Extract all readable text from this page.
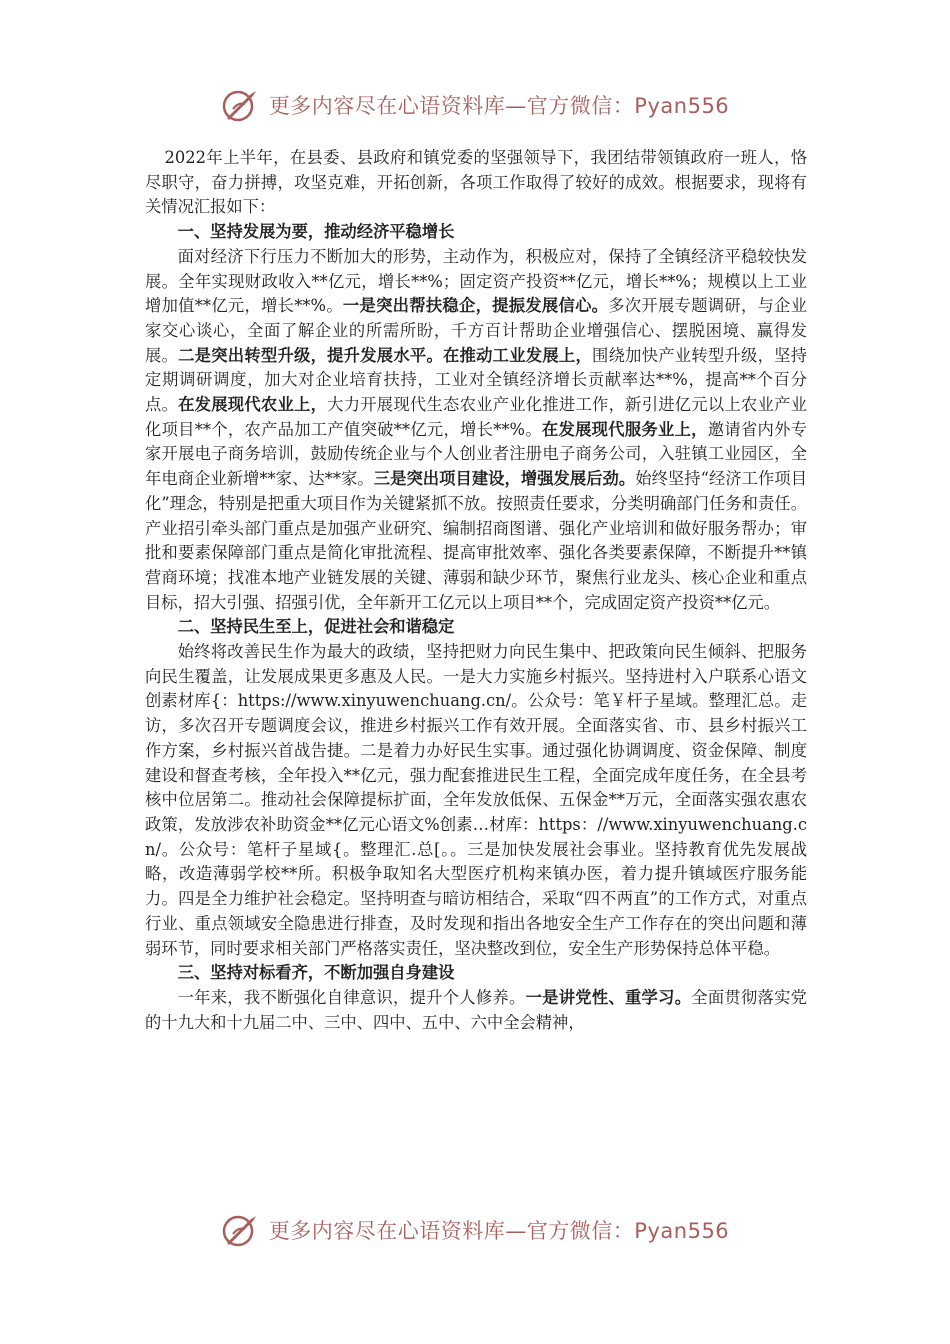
更多内容尽在心语资料库—官方微信：Pyan556

2022年上半年，在县委、县政府和镇党委的坚强领导下，我团结带领镇政府一班人，恪尽职守，奋力拼搏，攻坚克难，开拓创新，各项工作取得了较好的成效。根据要求，现将有关情况汇报如下：

一、坚持发展为要，推动经济平稳增长

面对经济下行压力不断加大的形势，主动作为，积极应对，保持了全镇经济平稳较快发展。全年实现财政收入**亿元，增长**%；固定资产投资**亿元，增长**%；规模以上工业增加值**亿元，增长**%。一是突出帮扶稳企，提振发展信心。多次开展专题调研，与企业家交心谈心，全面了解企业的所需所盼，千方百计帮助企业增强信心、摆脱困境、赢得发展。二是突出转型升级，提升发展水平。在推动工业发展上，围绕加快产业转型升级，坚持定期调研调度，加大对企业培育扶持，工业对全镇经济增长贡献率达**%，提高**个百分点。在发展现代农业上，大力开展现代生态农业产业化推进工作，新引进亿元以上农业产业化项目**个，农产品加工产值突破**亿元，增长**%。在发展现代服务业上，邀请省内外专家开展电子商务培训，鼓励传统企业与个人创业者注册电子商务公司，入驻镇工业园区，全年电商企业新增**家、达**家。三是突出项目建设，增强发展后劲。始终坚持“经济工作项目化”理念，特别是把重大项目作为关键紧抓不放。按照责任要求，分类明确部门任务和责任。产业招引牵头部门重点是加强产业研究、编制招商图谱、强化产业培训和做好服务帮办；审批和要素保障部门重点是简化审批流程、提高审批效率、强化各类要素保障，不断提升**镇营商环境；找准本地产业链发展的关键、薄弱和缺少环节，聚焦行业龙头、核心企业和重点目标，招大引强、招强引优，全年新开工亿元以上项目**个，完成固定资产投资**亿元。

二、坚持民生至上，促进社会和谐稳定

始终将改善民生作为最大的政绩，坚持把财力向民生集中、把政策向民生倾斜、把服务向民生覆盖，让发展成果更多惠及人民。一是大力实施乡村振兴。坚持进村入户联系心语文创素材库{：https://www.xinyuwenchuang.cn/。公众号：笔￥杆子星域。整理汇总。走访，多次召开专题调度会议，推进乡村振兴工作有效开展。全面落实省、市、县乡村振兴工作方案，乡村振兴首战告捷。二是着力办好民生实事。通过强化协调调度、资金保障、制度建设和督查考核，全年投入**亿元，强力配套推进民生工程，全面完成年度任务，在全县考核中位居第二。推动社会保障提标扩面，全年发放低保、五保金**万元，全面落实强农惠农政策，发放涉农补助资金**亿元心语文%创素…材库：https：//www.xinyuwenchuang.cn/。公众号：笔杆子星域{。整理汇.总[。。三是加快发展社会事业。坚持教育优先发展战略，改造薄弱学校**所。积极争取知名大型医疗机构来镇办医，着力提升镇域医疗服务能力。四是全力维护社会稳定。坚持明查与暗访相结合，采取“四不两直”的工作方式，对重点行业、重点领域安全隐患进行排查，及时发现和指出各地安全生产工作存在的突出问题和薄弱环节，同时要求相关部门严格落实责任，坚决整改到位，安全生产形势保持总体平稳。

三、坚持对标看齐，不断加强自身建设

一年来，我不断强化自律意识，提升个人修养。一是讲党性、重学习。全面贯彻落实党的十九大和十九届二中、三中、四中、五中、六中全会精神，

更多内容尽在心语资料库—官方微信：Pyan556
